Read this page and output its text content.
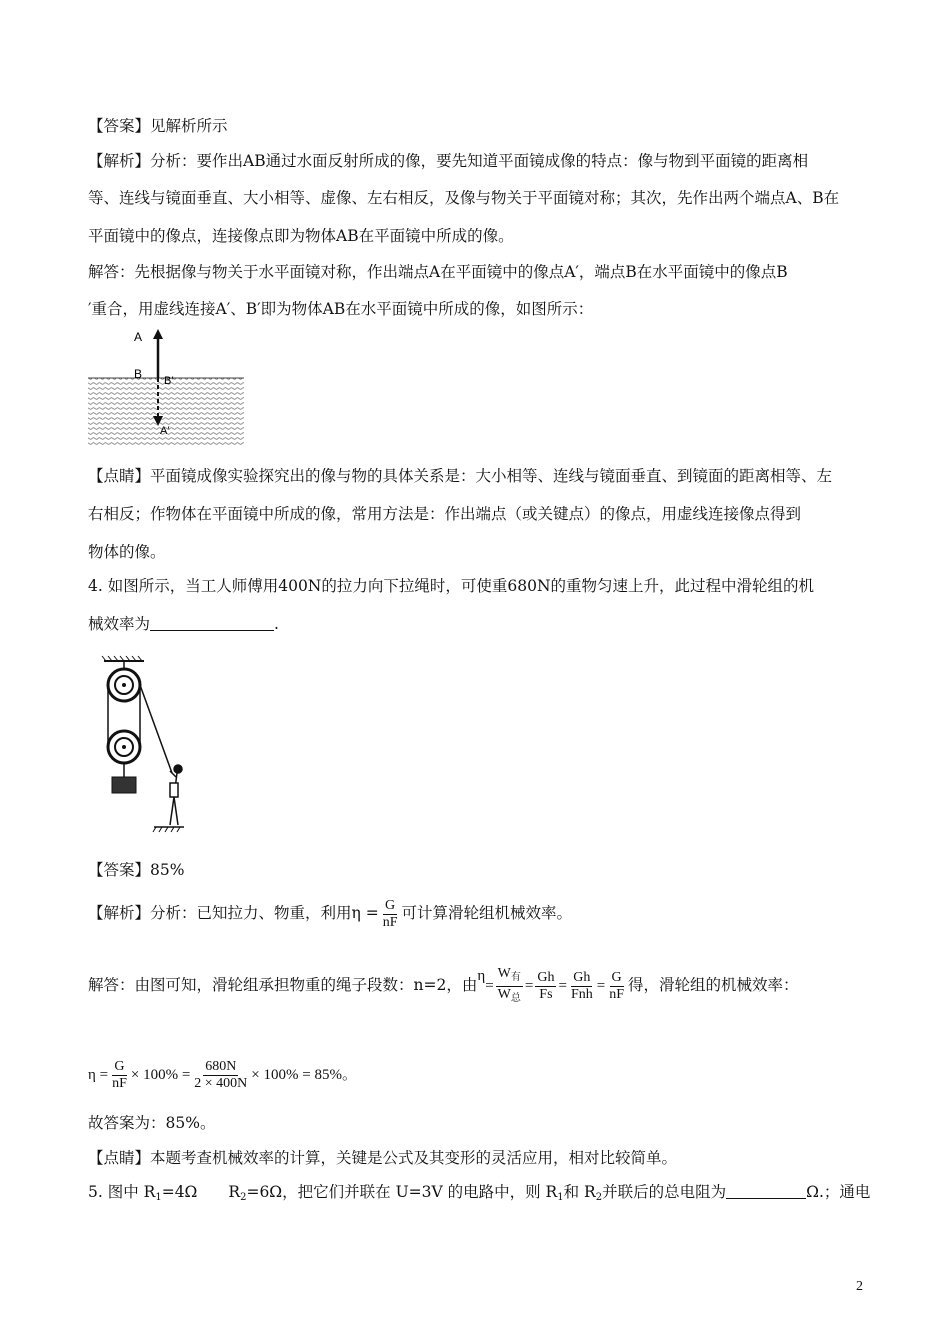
【答案】见解析所示
【解析】分析：要作出AB通过水面反射所成的像，要先知道平面镜成像的特点：像与物到平面镜的距离相
等、连线与镜面垂直、大小相等、虚像、左右相反，及像与物关于平面镜对称；其次，先作出两个端点A、B在
平面镜中的像点，连接像点即为物体AB在平面镜中所成的像。
解答：先根据像与物关于水平面镜对称，作出端点A在平面镜中的像点A′，端点B在水平面镜中的像点B
′重合，用虚线连接A′、B′即为物体AB在水平面镜中所成的像，如图所示：
A
B B′
A′
【点睛】平面镜成像实验探究出的像与物的具体关系是：大小相等、连线与镜面垂直、到镜面的距离相等、左
右相反；作物体在平面镜中所成的像，常用方法是：作出端点（或关键点）的像点，用虚线连接像点得到
物体的像。
4. 如图所示，当工人师傅用400N的拉力向下拉绳时，可使重680N的重物匀速上升，此过程中滑轮组的机
械效率为	.
【答案】85%
【解析】分析：已知拉力、物重，利用$\eta = \frac{G}{nF}$ 可计算滑轮组机械效率。
解答：由图可知，滑轮组承担物重的绳子段数：n=2，由$\eta= \frac{W_有}{W_总} = \frac{Gh}{Fs} = \frac{Gh}{\text{Fnh}} = \frac{G}{nF}$ 得，滑轮组的机械效率：
$\eta = \frac{G}{nF} \times 100\% = \frac{680N}{2 \times 400N} \times 100\% = 85\%$。
故答案为：85%。
【点睛】本题考查机械效率的计算，关键是公式及其变形的灵活应用，相对比较简单。
5. 图中 $R_1=4\Omega$　　$R_2=6\Omega$，把它们并联在 U=3V 的电路中，则 $R_1$和 $R_2$并联后的总电阻为	Ω.；通电
2
